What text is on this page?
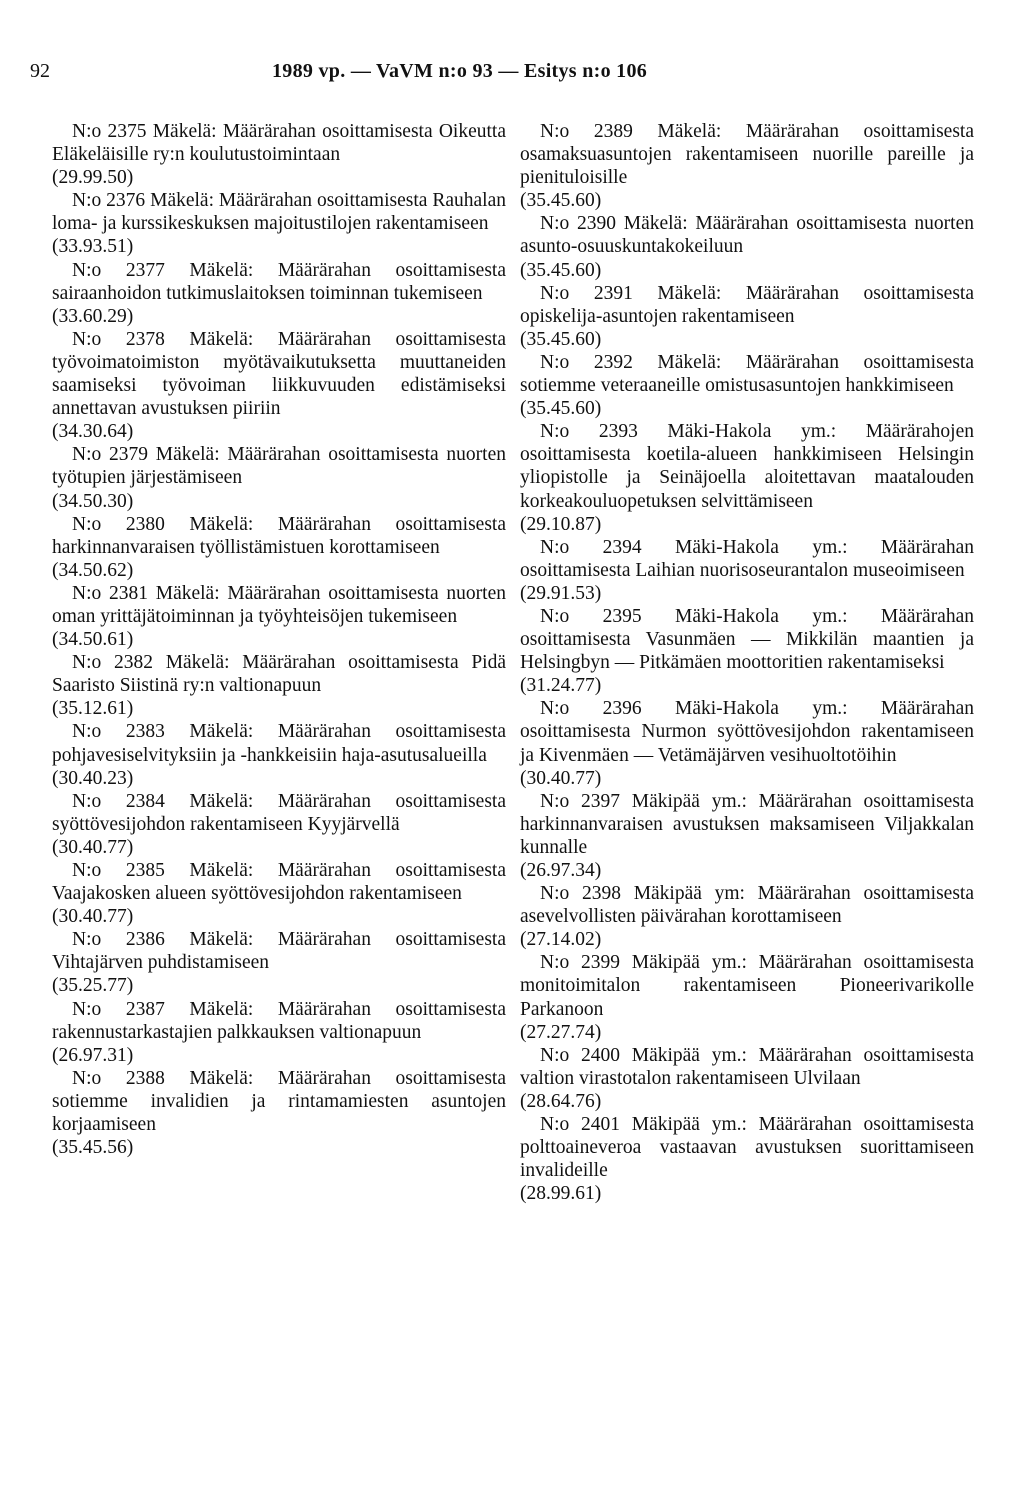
92	1989 vp. — VaVM n:o 93 — Esitys n:o 106
N:o 2375 Mäkelä: Määrärahan osoittamisesta Oikeutta Eläkeläisille ry:n koulutustoimintaan
(29.99.50)
N:o 2376 Mäkelä: Määrärahan osoittamisesta Rauhalan loma- ja kurssikeskuksen majoitustilojen rakentamiseen
(33.93.51)
N:o 2377 Mäkelä: Määrärahan osoittamisesta sairaanhoidon tutkimuslaitoksen toiminnan tukemiseen
(33.60.29)
N:o 2378 Mäkelä: Määrärahan osoittamisesta työvoimatoimiston myötävaikutuksetta muuttaneiden saamiseksi työvoiman liikkuvuuden edistämiseksi annettavan avustuksen piiriin
(34.30.64)
N:o 2379 Mäkelä: Määrärahan osoittamisesta nuorten työtupien järjestämiseen
(34.50.30)
N:o 2380 Mäkelä: Määrärahan osoittamisesta harkinnanvaraisen työllistämistuen korottamiseen
(34.50.62)
N:o 2381 Mäkelä: Määrärahan osoittamisesta nuorten oman yrittäjätoiminnan ja työyhteisöjen tukemiseen
(34.50.61)
N:o 2382 Mäkelä: Määrärahan osoittamisesta Pidä Saaristo Siistinä ry:n valtionapuun
(35.12.61)
N:o 2383 Mäkelä: Määrärahan osoittamisesta pohjavesiselvityksiin ja -hankkeisiin haja-asutusalueilla
(30.40.23)
N:o 2384 Mäkelä: Määrärahan osoittamisesta syöttövesijohdon rakentamiseen Kyyjärvellä
(30.40.77)
N:o 2385 Mäkelä: Määrärahan osoittamisesta Vaajakosken alueen syöttövesijohdon rakentamiseen
(30.40.77)
N:o 2386 Mäkelä: Määrärahan osoittamisesta Vihtajärven puhdistamiseen
(35.25.77)
N:o 2387 Mäkelä: Määrärahan osoittamisesta rakennustarkastajien palkkauksen valtionapuun
(26.97.31)
N:o 2388 Mäkelä: Määrärahan osoittamisesta sotiemme invalidien ja rintamamiesten asuntojen korjaamiseen
(35.45.56)
N:o 2389 Mäkelä: Määrärahan osoittamisesta osamaksuasuntojen rakentamiseen nuorille pareille ja pienituloisille
(35.45.60)
N:o 2390 Mäkelä: Määrärahan osoittamisesta nuorten asunto-osuuskuntakokeiluun
(35.45.60)
N:o 2391 Mäkelä: Määrärahan osoittamisesta opiskelija-asuntojen rakentamiseen
(35.45.60)
N:o 2392 Mäkelä: Määrärahan osoittamisesta sotiemme veteraaneille omistusasuntojen hankkimiseen
(35.45.60)
N:o 2393 Mäki-Hakola ym.: Määrärahojen osoittamisesta koetila-alueen hankkimiseen Helsingin yliopistolle ja Seinäjoella aloitettavan maatalouden korkeakouluopetuksen selvittämiseen
(29.10.87)
N:o 2394 Mäki-Hakola ym.: Määrärahan osoittamisesta Laihian nuorisoseurantalon museoimiseen
(29.91.53)
N:o 2395 Mäki-Hakola ym.: Määrärahan osoittamisesta Vasunmäen — Mikkilän maantien ja Helsingbyn — Pitkämäen moottoritien rakentamiseksi
(31.24.77)
N:o 2396 Mäki-Hakola ym.: Määrärahan osoittamisesta Nurmon syöttövesijohdon rakentamiseen ja Kivenmäen — Vetämäjärven vesihuoltotöihin
(30.40.77)
N:o 2397 Mäkipää ym.: Määrärahan osoittamisesta harkinnanvaraisen avustuksen maksamiseen Viljakkalan kunnalle
(26.97.34)
N:o 2398 Mäkipää ym: Määrärahan osoittamisesta asevelvollisten päivärahan korottamiseen
(27.14.02)
N:o 2399 Mäkipää ym.: Määrärahan osoittamisesta monitoimitalon rakentamiseen Pioneerivarikolle Parkanoon
(27.27.74)
N:o 2400 Mäkipää ym.: Määrärahan osoittamisesta valtion virastotalon rakentamiseen Ulvilaan
(28.64.76)
N:o 2401 Mäkipää ym.: Määrärahan osoittamisesta polttoaineveroa vastaavan avustuksen suorittamiseen invalideille
(28.99.61)
